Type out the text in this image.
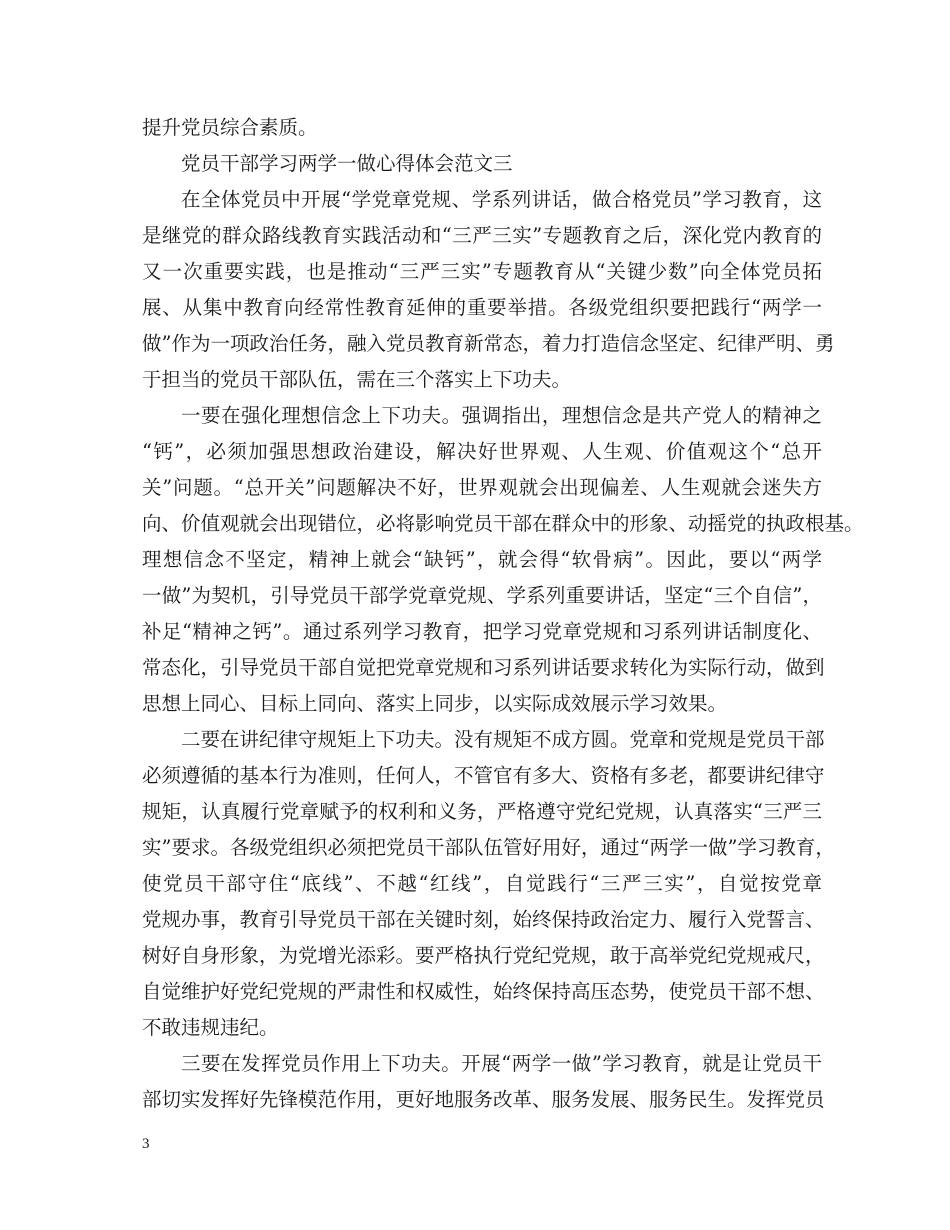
提升党员综合素质。
党员干部学习两学一做心得体会范文三
在全体党员中开展“学党章党规、学系列讲话，做合格党员”学习教育，这
是继党的群众路线教育实践活动和“三严三实”专题教育之后，深化党内教育的
又一次重要实践，也是推动“三严三实”专题教育从“关键少数”向全体党员拓
展、从集中教育向经常性教育延伸的重要举措。各级党组织要把践行“两学一
做”作为一项政治任务，融入党员教育新常态，着力打造信念坚定、纪律严明、勇
于担当的党员干部队伍，需在三个落实上下功夫。
一要在强化理想信念上下功夫。强调指出，理想信念是共产党人的精神之
“钙”，必须加强思想政治建设，解决好世界观、人生观、价值观这个“总开
关”问题。“总开关”问题解决不好，世界观就会出现偏差、人生观就会迷失方
向、价值观就会出现错位，必将影响党员干部在群众中的形象、动摇党的执政根基。
理想信念不坚定，精神上就会“缺钙”，就会得“软骨病”。因此，要以“两学
一做”为契机，引导党员干部学党章党规、学系列重要讲话，坚定“三个自信”，
补足“精神之钙”。通过系列学习教育，把学习党章党规和习系列讲话制度化、
常态化，引导党员干部自觉把党章党规和习系列讲话要求转化为实际行动，做到
思想上同心、目标上同向、落实上同步，以实际成效展示学习效果。
二要在讲纪律守规矩上下功夫。没有规矩不成方圆。党章和党规是党员干部
必须遵循的基本行为准则，任何人，不管官有多大、资格有多老，都要讲纪律守
规矩，认真履行党章赋予的权利和义务，严格遵守党纪党规，认真落实“三严三
实”要求。各级党组织必须把党员干部队伍管好用好，通过“两学一做”学习教育，
使党员干部守住“底线”、不越“红线”，自觉践行“三严三实”，自觉按党章
党规办事，教育引导党员干部在关键时刻，始终保持政治定力、履行入党誓言、
树好自身形象，为党增光添彩。要严格执行党纪党规，敢于高举党纪党规戒尺，
自觉维护好党纪党规的严肃性和权威性，始终保持高压态势，使党员干部不想、
不敢违规违纪。
三要在发挥党员作用上下功夫。开展“两学一做”学习教育，就是让党员干
部切实发挥好先锋模范作用，更好地服务改革、服务发展、服务民生。发挥党员
3
